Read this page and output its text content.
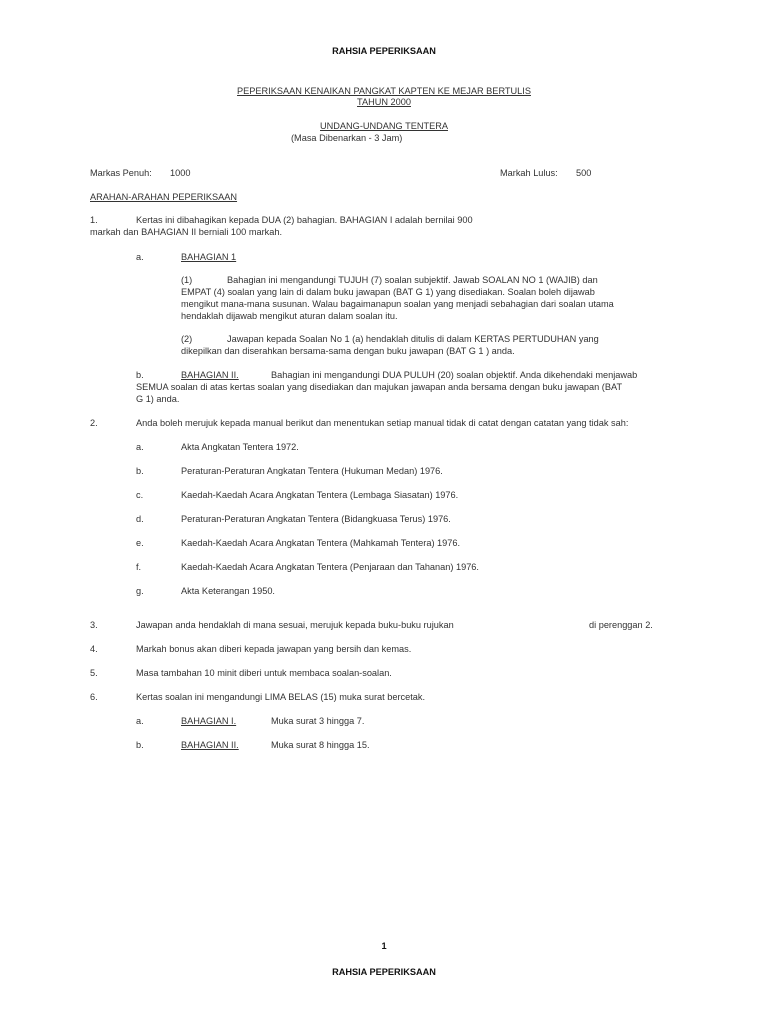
RAHSIA PEPERIKSAAN
PEPERIKSAAN KENAIKAN PANGKAT KAPTEN KE MEJAR BERTULIS
TAHUN 2000
UNDANG-UNDANG TENTERA
(Masa Dibenarkan - 3 Jam)
Markas Penuh: 1000	Markah Lulus: 500
ARAHAN-ARAHAN PEPERIKSAAN
1.	Kertas ini dibahagikan kepada DUA (2) bahagian. BAHAGIAN I adalah bernilai 900
markah dan BAHAGIAN II berniali 100 markah.
a.	BAHAGIAN 1
(1)	Bahagian ini mengandungi TUJUH (7) soalan subjektif. Jawab SOALAN NO 1 (WAJIB) dan
EMPAT (4) soalan yang lain di dalam buku jawapan (BAT G 1) yang disediakan. Soalan boleh dijawab
mengikut mana-mana susunan. Walau bagaimanapun soalan yang menjadi sebahagian dari soalan utama
hendaklah dijawab mengikut aturan dalam soalan itu.
(2)	Jawapan kepada Soalan No 1 (a) hendaklah ditulis di dalam KERTAS PERTUDUHAN yang
dikepilkan dan diserahkan bersama-sama dengan buku jawapan (BAT G 1 ) anda.
b.	BAHAGIAN II.	Bahagian ini mengandungi DUA PULUH (20) soalan objektif. Anda dikehendaki menjawab
SEMUA soalan di atas kertas soalan yang disediakan dan majukan jawapan anda bersama dengan buku jawapan (BAT
G 1) anda.
2.	Anda boleh merujuk kepada manual berikut dan menentukan setiap manual tidak di catat dengan catatan yang tidak sah:
a.	Akta Angkatan Tentera 1972.
b.	Peraturan-Peraturan Angkatan Tentera (Hukuman Medan) 1976.
c.	Kaedah-Kaedah Acara Angkatan Tentera (Lembaga Siasatan) 1976.
d.	Peraturan-Peraturan Angkatan Tentera (Bidangkuasa Terus) 1976.
e.	Kaedah-Kaedah Acara Angkatan Tentera (Mahkamah Tentera) 1976.
f.	Kaedah-Kaedah Acara Angkatan Tentera (Penjaraan dan Tahanan) 1976.
g.	Akta Keterangan 1950.
3.	Jawapan anda hendaklah di mana sesuai, merujuk kepada buku-buku rujukan	di perenggan 2.
4.	Markah bonus akan diberi kepada jawapan yang bersih dan kemas.
5.	Masa tambahan 10 minit diberi untuk membaca soalan-soalan.
6.	Kertas soalan ini mengandungi LIMA BELAS (15) muka surat bercetak.
a.	BAHAGIAN I.	Muka surat 3 hingga 7.
b.	BAHAGIAN II.	Muka surat 8 hingga 15.
1
RAHSIA PEPERIKSAAN
